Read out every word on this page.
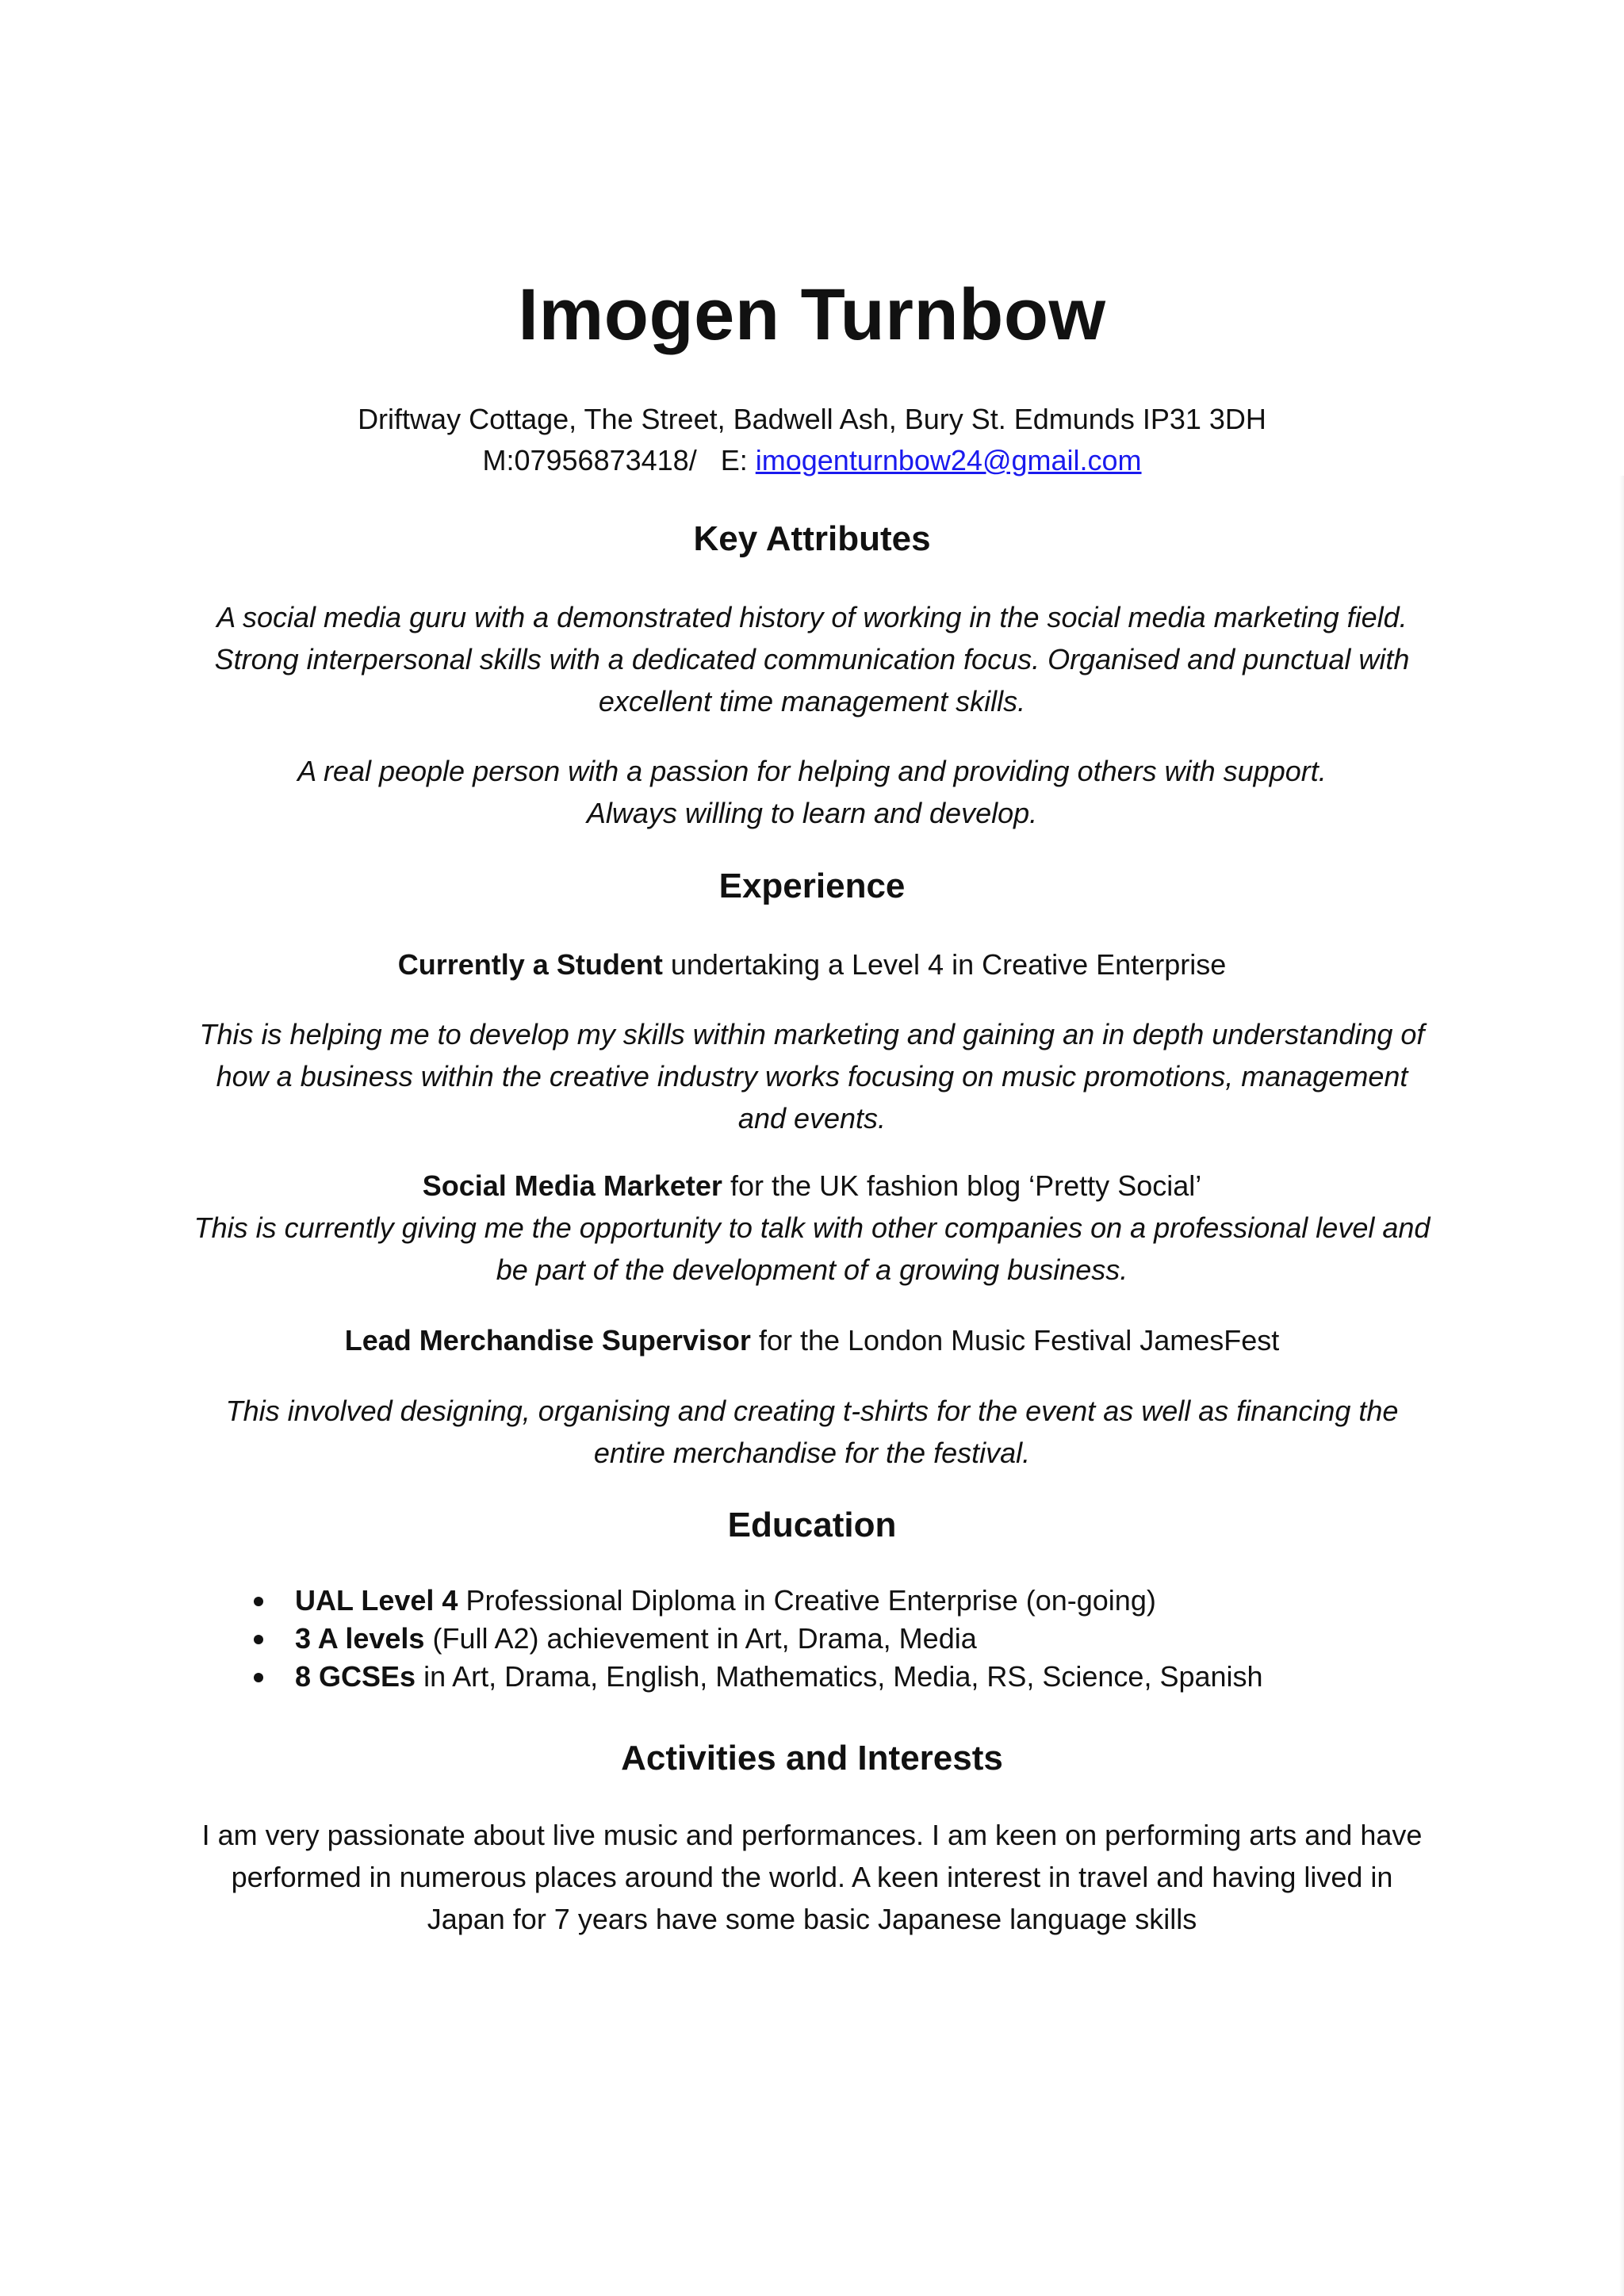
Imogen Turnbow
Driftway Cottage, The Street, Badwell Ash, Bury St. Edmunds IP31 3DH
M:07956873418/ E: imogenturnbow24@gmail.com
Key Attributes
A social media guru with a demonstrated history of working in the social media marketing field. Strong interpersonal skills with a dedicated communication focus. Organised and punctual with excellent time management skills.
A real people person with a passion for helping and providing others with support.
Always willing to learn and develop.
Experience
Currently a Student undertaking a Level 4 in Creative Enterprise
This is helping me to develop my skills within marketing and gaining an in depth understanding of how a business within the creative industry works focusing on music promotions, management and events.
Social Media Marketer for the UK fashion blog ‘Pretty Social’
This is currently giving me the opportunity to talk with other companies on a professional level and be part of the development of a growing business.
Lead Merchandise Supervisor for the London Music Festival JamesFest
This involved designing, organising and creating t-shirts for the event as well as financing the entire merchandise for the festival.
Education
UAL Level 4 Professional Diploma in Creative Enterprise (on-going)
3 A levels (Full A2) achievement in Art, Drama, Media
8 GCSEs in Art, Drama, English, Mathematics, Media, RS, Science, Spanish
Activities and Interests
I am very passionate about live music and performances. I am keen on performing arts and have performed in numerous places around the world. A keen interest in travel and having lived in Japan for 7 years have some basic Japanese language skills
